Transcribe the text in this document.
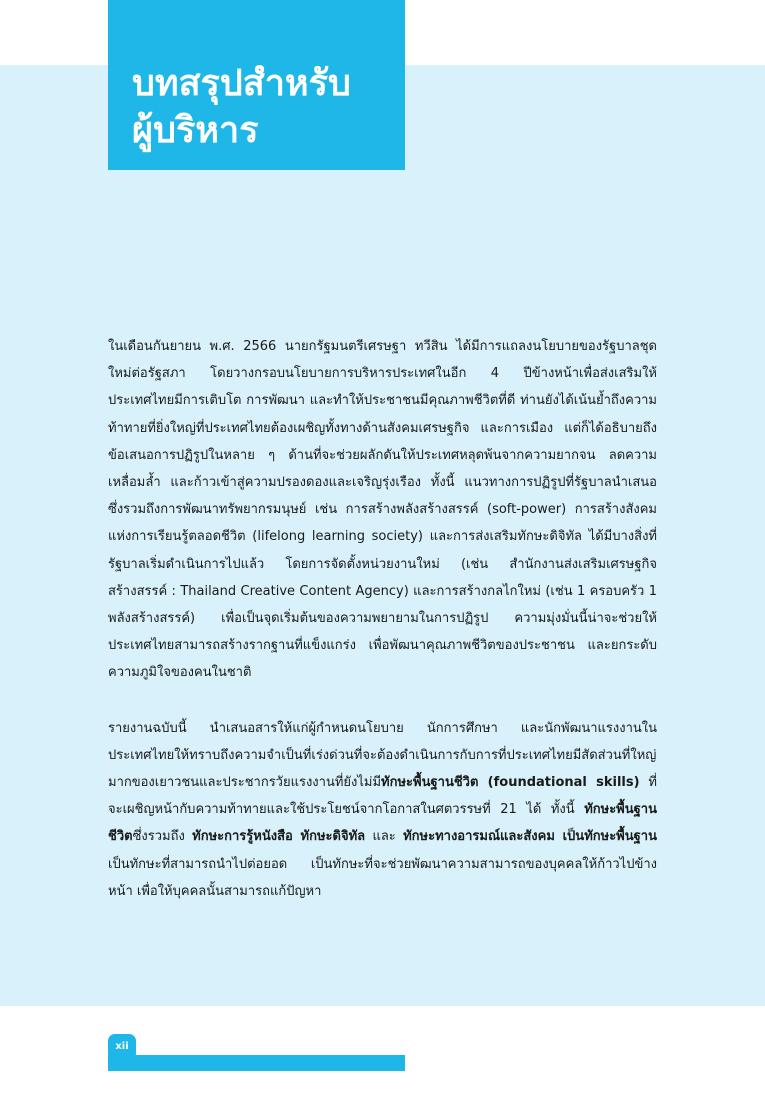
ในเดือนกันยายน พ.ศ. 2566 นายกรัฐมนตรีเศรษฐา ทวีสิน ได้มีการแถลงนโยบายของรัฐบาลชุดใหม่ต่อรัฐสภา โดยวางกรอบนโยบายการบริหารประเทศในอีก 4 ปีข้างหน้าเพื่อส่งเสริมให้ประเทศไทยมีการเติบโต การพัฒนา และทำให้ประชาชนมีคุณภาพชีวิตที่ดี ท่านยังได้เน้นย้ำถึงความท้าทายที่ยิ่งใหญ่ที่ประเทศไทยต้องเผชิญทั้งทางด้านสังคมเศรษฐกิจ และการเมือง แต่ก็ได้อธิบายถึงข้อเสนอการปฏิรูปในหลาย ๆ ด้านที่จะช่วยผลักดันให้ประเทศหลุดพ้นจากความยากจน ลดความเหลื่อมล้ำ และก้าวเข้าสู่ความปรองดองและเจริญรุ่งเรือง ทั้งนี้ แนวทางการปฏิรูปที่รัฐบาลนำเสนอ ซึ่งรวมถึงการพัฒนาทรัพยากรมนุษย์ เช่น การสร้างพลังสร้างสรรค์ (soft-power) การสร้างสังคมแห่งการเรียนรู้ตลอดชีวิต (lifelong learning society) และการส่งเสริมทักษะดิจิทัล ได้มีบางสิ่งที่รัฐบาลเริ่มดำเนินการไปแล้ว โดยการจัดตั้งหน่วยงานใหม่ (เช่น สำนักงานส่งเสริมเศรษฐกิจสร้างสรรค์ : Thailand Creative Content Agency) และการสร้างกลไกใหม่ (เช่น 1 ครอบครัว 1 พลังสร้างสรรค์) เพื่อเป็นจุดเริ่มต้นของความพยายามในการปฏิรูป ความมุ่งมั่นนี้น่าจะช่วยให้ประเทศไทยสามารถสร้างรากฐานที่แข็งแกร่ง เพื่อพัฒนาคุณภาพชีวิตของประชาชน และยกระดับความภูมิใจของคนในชาติ

รายงานฉบับนี้ นำเสนอสารให้แก่ผู้กำหนดนโยบาย นักการศึกษา และนักพัฒนาแรงงานในประเทศไทยให้ทราบถึงความจำเป็นที่เร่งด่วนที่จะต้องดำเนินการกับการที่ประเทศไทยมีสัดส่วนที่ใหญ่มากของเยาวชนและประชากรวัยแรงงานที่ยังไม่มีทักษะพื้นฐานชีวิต (foundational skills) ที่จะเผชิญหน้ากับความท้าทายและใช้ประโยชน์จากโอกาสในศตวรรษที่ 21 ได้ ทั้งนี้ ทักษะพื้นฐานชีวิตซึ่งรวมถึง ทักษะการรู้หนังสือ ทักษะดิจิทัล และ ทักษะทางอารมณ์และสังคม เป็นทักษะพื้นฐาน เป็นทักษะที่สามารถนำไปต่อยอด เป็นทักษะที่จะช่วยพัฒนาความสามารถของบุคคลให้ก้าวไปข้างหน้า เพื่อให้บุคคลนั้นสามารถแก้ปัญหา

บทสรุปสำหรับ
ผู้บริหาร
xii
